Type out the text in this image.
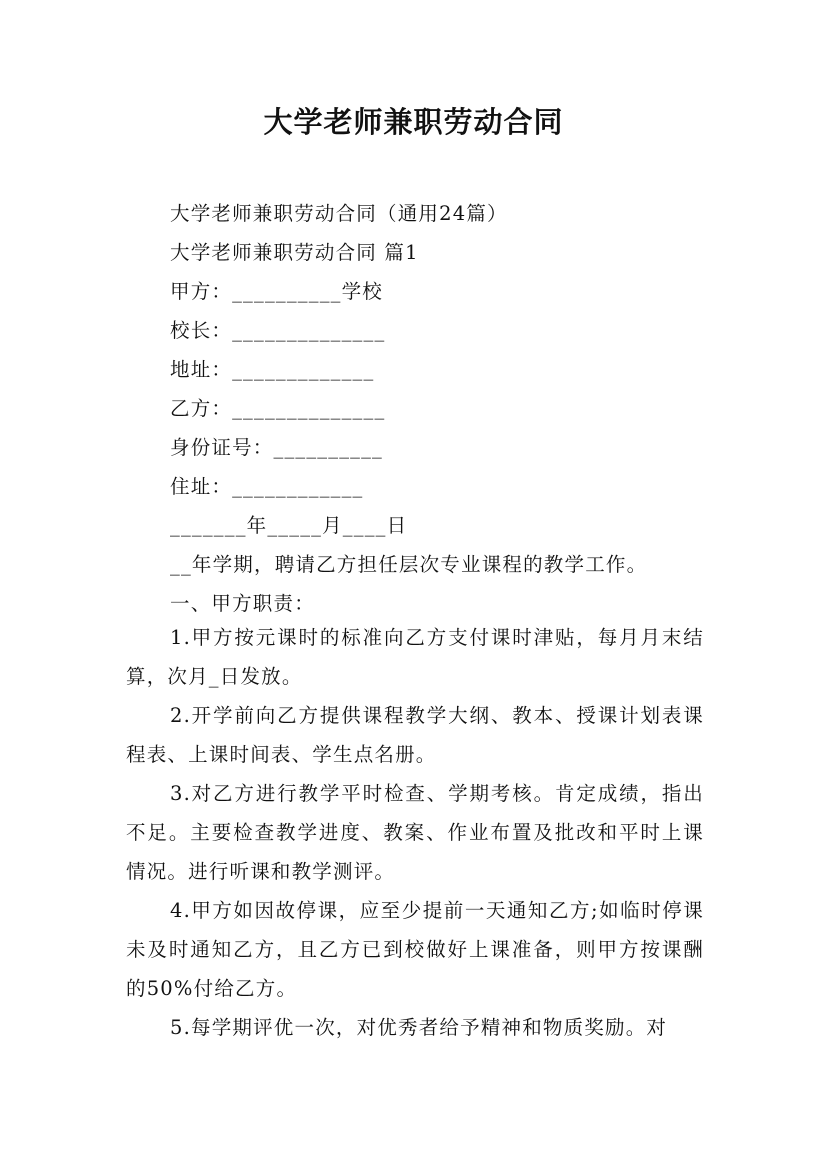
大学老师兼职劳动合同
大学老师兼职劳动合同（通用24篇）
大学老师兼职劳动合同 篇1
甲方：__________学校
校长：______________
地址：_____________
乙方：______________
身份证号：__________
住址：____________
_______年_____月____日
__年学期，聘请乙方担任层次专业课程的教学工作。
一、甲方职责：
1.甲方按元课时的标准向乙方支付课时津贴，每月月末结算，次月_日发放。
2.开学前向乙方提供课程教学大纲、教本、授课计划表课程表、上课时间表、学生点名册。
3.对乙方进行教学平时检查、学期考核。肯定成绩，指出不足。主要检查教学进度、教案、作业布置及批改和平时上课情况。进行听课和教学测评。
4.甲方如因故停课，应至少提前一天通知乙方;如临时停课未及时通知乙方，且乙方已到校做好上课准备，则甲方按课酬的50%付给乙方。
5.每学期评优一次，对优秀者给予精神和物质奖励。对
